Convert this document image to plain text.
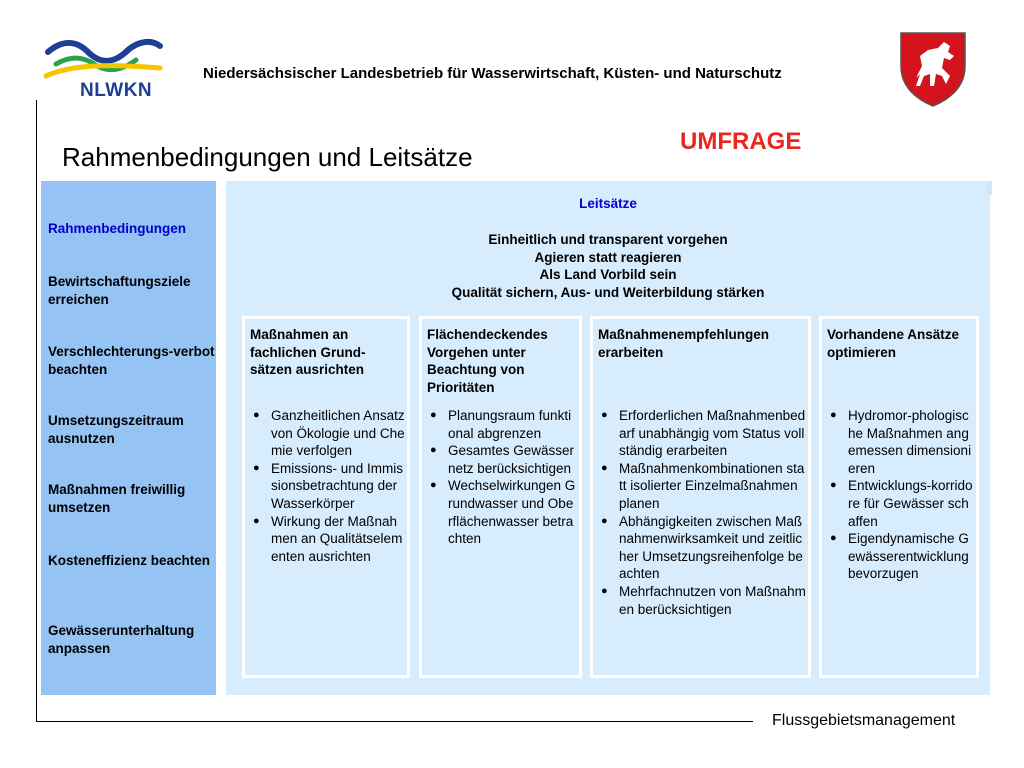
NLWKN
Niedersächsischer Landesbetrieb für Wasserwirtschaft, Küsten- und Naturschutz
Rahmenbedingungen und Leitsätze
UMFRAGE
Rahmenbedingungen
Bewirtschaftungsziele erreichen
Verschlechterungs-verbot beachten
Umsetzungszeitraum ausnutzen
Maßnahmen freiwillig umsetzen
Kosteneffizienz beachten
Gewässerunterhaltung anpassen
Leitsätze
Einheitlich und transparent vorgehen
Agieren statt reagieren
Als Land Vorbild sein
Qualität sichern, Aus- und Weiterbildung stärken
Maßnahmen an fachlichen Grund-sätzen ausrichten
● Ganzheitlichen Ansatz von Ökologie und Chemie verfolgen
● Emissions- und Immissionsbetrachtung der Wasserkörper
● Wirkung der Maßnahmen an Qualitätselementen ausrichten
Flächendeckendes Vorgehen unter Beachtung von Prioritäten
● Planungsraum funktional abgrenzen
● Gesamtes Gewässernetz berücksichtigen
● Wechselwirkungen Grundwasser und Oberflächenwasser betrachten
Maßnahmenempfehlungen erarbeiten
● Erforderlichen Maßnahmenbedarf unabhängig vom Status vollständig erarbeiten
● Maßnahmenkombinationen statt isolierter Einzelmaßnahmen planen
● Abhängigkeiten zwischen Maßnahmenwirksamkeit und zeitlicher Umsetzungsreihenfolge beachten
● Mehrfachnutzen von Maßnahmen berücksichtigen
Vorhandene Ansätze optimieren
● Hydromor-phologische Maßnahmen angemessen dimensionieren
● Entwicklungs-korridore für Gewässer schaffen
● Eigendynamische Gewässerentwicklung bevorzugen
Flussgebietsmanagement
